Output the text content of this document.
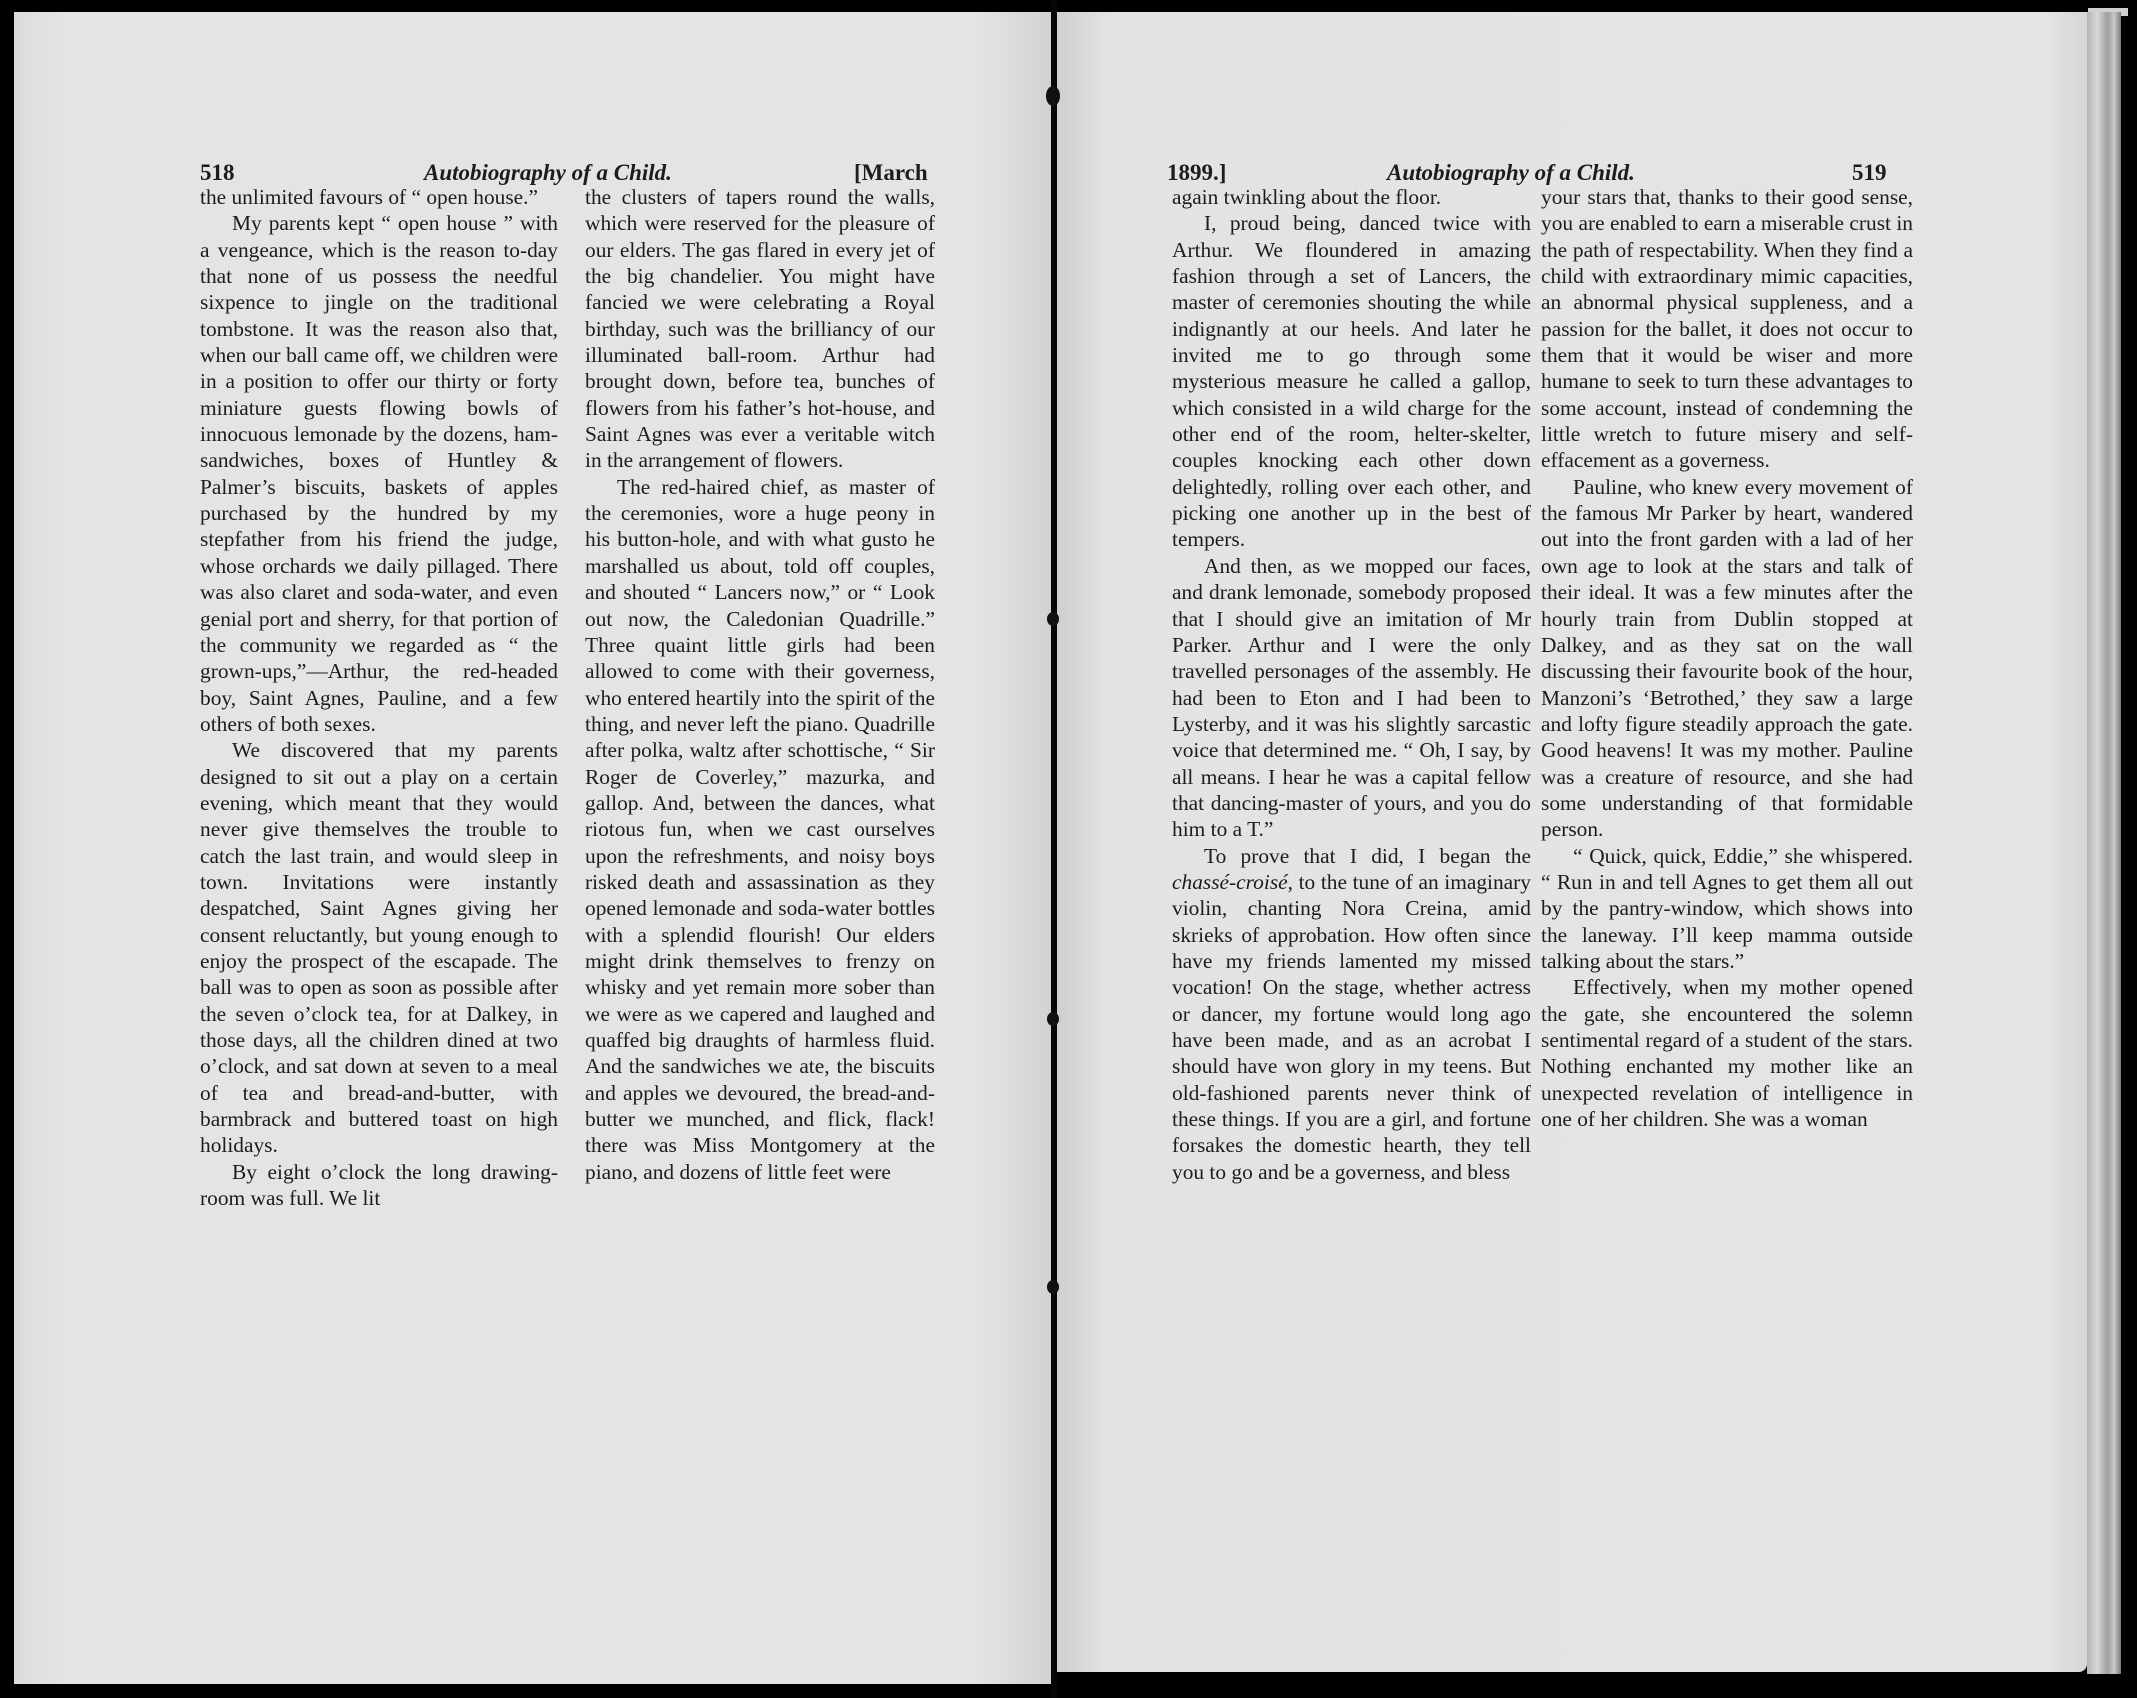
518	Autobiography of a Child.	[March	1899.]	Autobiography of a Child.	519

the unlimited favours of “ open house.”

My parents kept “ open house ” with a vengeance, which is the reason to-day that none of us possess the needful sixpence to jingle on the traditional tombstone. It was the reason also that, when our ball came off, we children were in a position to offer our thirty or forty miniature guests flowing bowls of innocuous lemonade by the dozens, ham-sandwiches, boxes of Huntley & Palmer’s biscuits, baskets of apples purchased by the hundred by my stepfather from his friend the judge, whose orchards we daily pillaged. There was also claret and soda-water, and even genial port and sherry, for that portion of the community we regarded as “ the grown-ups,”—Arthur, the red-headed boy, Saint Agnes, Pauline, and a few others of both sexes.

We discovered that my parents designed to sit out a play on a certain evening, which meant that they would never give themselves the trouble to catch the last train, and would sleep in town. Invitations were instantly despatched, Saint Agnes giving her consent reluctantly, but young enough to enjoy the prospect of the escapade. The ball was to open as soon as possible after the seven o’clock tea, for at Dalkey, in those days, all the children dined at two o’clock, and sat down at seven to a meal of tea and bread-and-butter, with barmbrack and buttered toast on high holidays.

By eight o’clock the long drawing-room was full. We lit

the clusters of tapers round the walls, which were reserved for the pleasure of our elders. The gas flared in every jet of the big chandelier. You might have fancied we were celebrating a Royal birthday, such was the brilliancy of our illuminated ball-room. Arthur had brought down, before tea, bunches of flowers from his father’s hot-house, and Saint Agnes was ever a veritable witch in the arrangement of flowers.

The red-haired chief, as master of the ceremonies, wore a huge peony in his button-hole, and with what gusto he marshalled us about, told off couples, and shouted “ Lancers now,” or “ Look out now, the Caledonian Quadrille.” Three quaint little girls had been allowed to come with their governess, who entered heartily into the spirit of the thing, and never left the piano. Quadrille after polka, waltz after schottische, “ Sir Roger de Coverley,” mazurka, and gallop. And, between the dances, what riotous fun, when we cast ourselves upon the refreshments, and noisy boys risked death and assassination as they opened lemonade and soda-water bottles with a splendid flourish! Our elders might drink themselves to frenzy on whisky and yet remain more sober than we were as we capered and laughed and quaffed big draughts of harmless fluid. And the sandwiches we ate, the biscuits and apples we devoured, the bread-and-butter we munched, and flick, flack! there was Miss Montgomery at the piano, and dozens of little feet were

again twinkling about the floor.

I, proud being, danced twice with Arthur. We floundered in amazing fashion through a set of Lancers, the master of ceremonies shouting the while indignantly at our heels. And later he invited me to go through some mysterious measure he called a gallop, which consisted in a wild charge for the other end of the room, helter-skelter, couples knocking each other down delightedly, rolling over each other, and picking one another up in the best of tempers.

And then, as we mopped our faces, and drank lemonade, somebody proposed that I should give an imitation of Mr Parker. Arthur and I were the only travelled personages of the assembly. He had been to Eton and I had been to Lysterby, and it was his slightly sarcastic voice that determined me. “ Oh, I say, by all means. I hear he was a capital fellow that dancing-master of yours, and you do him to a T.”

To prove that I did, I began the chassé-croisé, to the tune of an imaginary violin, chanting Nora Creina, amid skrieks of approbation. How often since have my friends lamented my missed vocation! On the stage, whether actress or dancer, my fortune would long ago have been made, and as an acrobat I should have won glory in my teens. But old-fashioned parents never think of these things. If you are a girl, and fortune forsakes the domestic hearth, they tell you to go and be a governess, and bless

your stars that, thanks to their good sense, you are enabled to earn a miserable crust in the path of respectability. When they find a child with extraordinary mimic capacities, an abnormal physical suppleness, and a passion for the ballet, it does not occur to them that it would be wiser and more humane to seek to turn these advantages to some account, instead of condemning the little wretch to future misery and self-effacement as a governess.

Pauline, who knew every movement of the famous Mr Parker by heart, wandered out into the front garden with a lad of her own age to look at the stars and talk of their ideal. It was a few minutes after the hourly train from Dublin stopped at Dalkey, and as they sat on the wall discussing their favourite book of the hour, Manzoni’s ‘Betrothed,’ they saw a large and lofty figure steadily approach the gate. Good heavens! It was my mother. Pauline was a creature of resource, and she had some understanding of that formidable person.

“ Quick, quick, Eddie,” she whispered. “ Run in and tell Agnes to get them all out by the pantry-window, which shows into the laneway. I’ll keep mamma outside talking about the stars.”

Effectively, when my mother opened the gate, she encountered the solemn sentimental regard of a student of the stars. Nothing enchanted my mother like an unexpected revelation of intelligence in one of her children. She was a woman
